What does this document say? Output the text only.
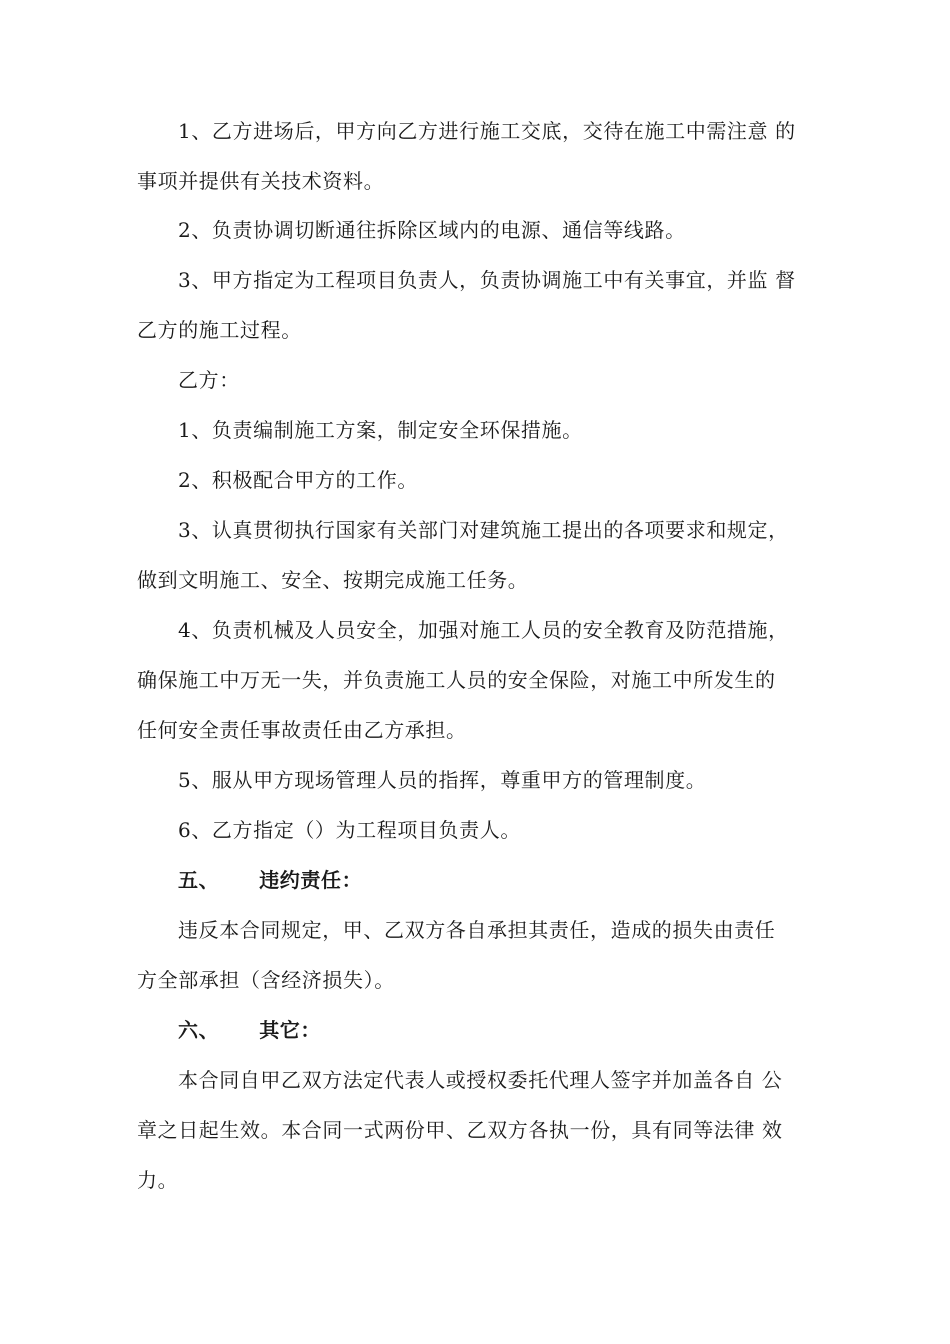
1、乙方进场后，甲方向乙方进行施工交底，交待在施工中需注意 的
事项并提供有关技术资料。
2、负责协调切断通往拆除区域内的电源、通信等线路。
3、甲方指定为工程项目负责人，负责协调施工中有关事宜，并监 督
乙方的施工过程。
乙方：
1、负责编制施工方案，制定安全环保措施。
2、积极配合甲方的工作。
3、认真贯彻执行国家有关部门对建筑施工提出的各项要求和规定，
做到文明施工、安全、按期完成施工任务。
4、负责机械及人员安全，加强对施工人员的安全教育及防范措施，
确保施工中万无一失，并负责施工人员的安全保险，对施工中所发生的
任何安全责任事故责任由乙方承担。
5、服从甲方现场管理人员的指挥，尊重甲方的管理制度。
6、乙方指定（）为工程项目负责人。
五、 违约责任：
违反本合同规定，甲、乙双方各自承担其责任，造成的损失由责任
方全部承担（含经济损失）。
六、 其它：
本合同自甲乙双方法定代表人或授权委托代理人签字并加盖各自 公
章之日起生效。本合同一式两份甲、乙双方各执一份，具有同等法律 效
力。
